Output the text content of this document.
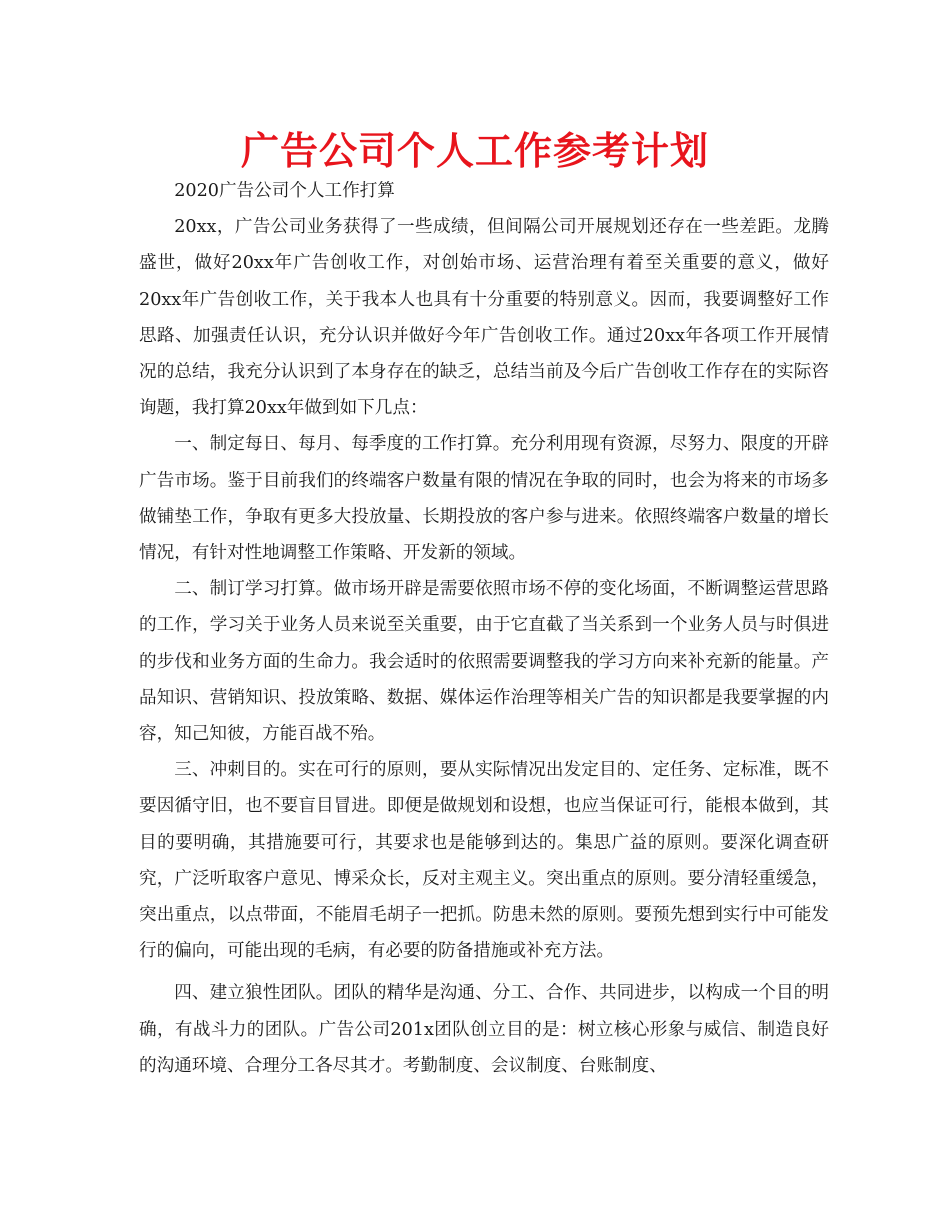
广告公司个人工作参考计划

2020广告公司个人工作打算

20xx，广告公司业务获得了一些成绩，但间隔公司开展规划还存在一些差距。龙腾盛世，做好20xx年广告创收工作，对创始市场、运营治理有着至关重要的意义，做好20xx年广告创收工作，关于我本人也具有十分重要的特别意义。因而，我要调整好工作思路、加强责任认识，充分认识并做好今年广告创收工作。通过20xx年各项工作开展情况的总结，我充分认识到了本身存在的缺乏，总结当前及今后广告创收工作存在的实际咨询题，我打算20xx年做到如下几点：

一、制定每日、每月、每季度的工作打算。充分利用现有资源，尽努力、限度的开辟广告市场。鉴于目前我们的终端客户数量有限的情况在争取的同时，也会为将来的市场多做铺垫工作，争取有更多大投放量、长期投放的客户参与进来。依照终端客户数量的增长情况，有针对性地调整工作策略、开发新的领域。

二、制订学习打算。做市场开辟是需要依照市场不停的变化场面，不断调整运营思路的工作，学习关于业务人员来说至关重要，由于它直截了当关系到一个业务人员与时俱进的步伐和业务方面的生命力。我会适时的依照需要调整我的学习方向来补充新的能量。产品知识、营销知识、投放策略、数据、媒体运作治理等相关广告的知识都是我要掌握的内容，知己知彼，方能百战不殆。

三、冲刺目的。实在可行的原则，要从实际情况出发定目的、定任务、定标准，既不要因循守旧，也不要盲目冒进。即便是做规划和设想，也应当保证可行，能根本做到，其目的要明确，其措施要可行，其要求也是能够到达的。集思广益的原则。要深化调查研究，广泛听取客户意见、博采众长，反对主观主义。突出重点的原则。要分清轻重缓急，突出重点，以点带面，不能眉毛胡子一把抓。防患未然的原则。要预先想到实行中可能发行的偏向，可能出现的毛病，有必要的防备措施或补充方法。

四、建立狼性团队。团队的精华是沟通、分工、合作、共同进步，以构成一个目的明确，有战斗力的团队。广告公司201x团队创立目的是：树立核心形象与威信、制造良好的沟通环境、合理分工各尽其才。考勤制度、会议制度、台账制度、
